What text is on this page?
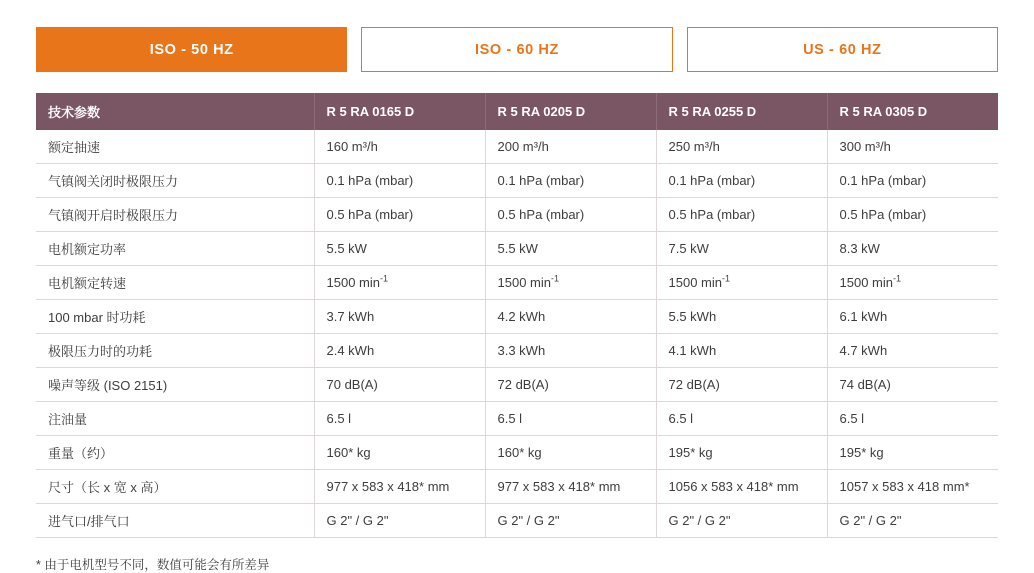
ISO - 50 HZ	ISO - 60 HZ	US - 60 HZ
技术参数	R 5 RA 0165 D	R 5 RA 0205 D	R 5 RA 0255 D	R 5 RA 0305 D
额定抽速	160 m³/h	200 m³/h	250 m³/h	300 m³/h
气镇阀关闭时极限压力	0.1 hPa (mbar)	0.1 hPa (mbar)	0.1 hPa (mbar)	0.1 hPa (mbar)
气镇阀开启时极限压力	0.5 hPa (mbar)	0.5 hPa (mbar)	0.5 hPa (mbar)	0.5 hPa (mbar)
电机额定功率	5.5 kW	5.5 kW	7.5 kW	8.3 kW
电机额定转速	1500 $\min^{-1}$	1500 $\min^{-1}$	1500 $\min^{-1}$	1500 $\min^{-1}$
100 mbar 时功耗	3.7 kWh	4.2 kWh	5.5 kWh	6.1 kWh
极限压力时的功耗	2.4 kWh	3.3 kWh	4.1 kWh	4.7 kWh
噪声等级 (ISO 2151)	70 dB(A)	72 dB(A)	72 dB(A)	74 dB(A)
注油量	6.5 l	6.5 l	6.5 l	6.5 l
重量（约）	160* kg	160* kg	195* kg	195* kg
尺寸（长 x 宽 x 高）	977 x 583 x 418* mm	977 x 583 x 418* mm	1056 x 583 x 418* mm	1057 x 583 x 418 mm*
进气口/排气口	G 2" / G 2"	G 2" / G 2"	G 2" / G 2"	G 2" / G 2"
* 由于电机型号不同，数值可能会有所差异
